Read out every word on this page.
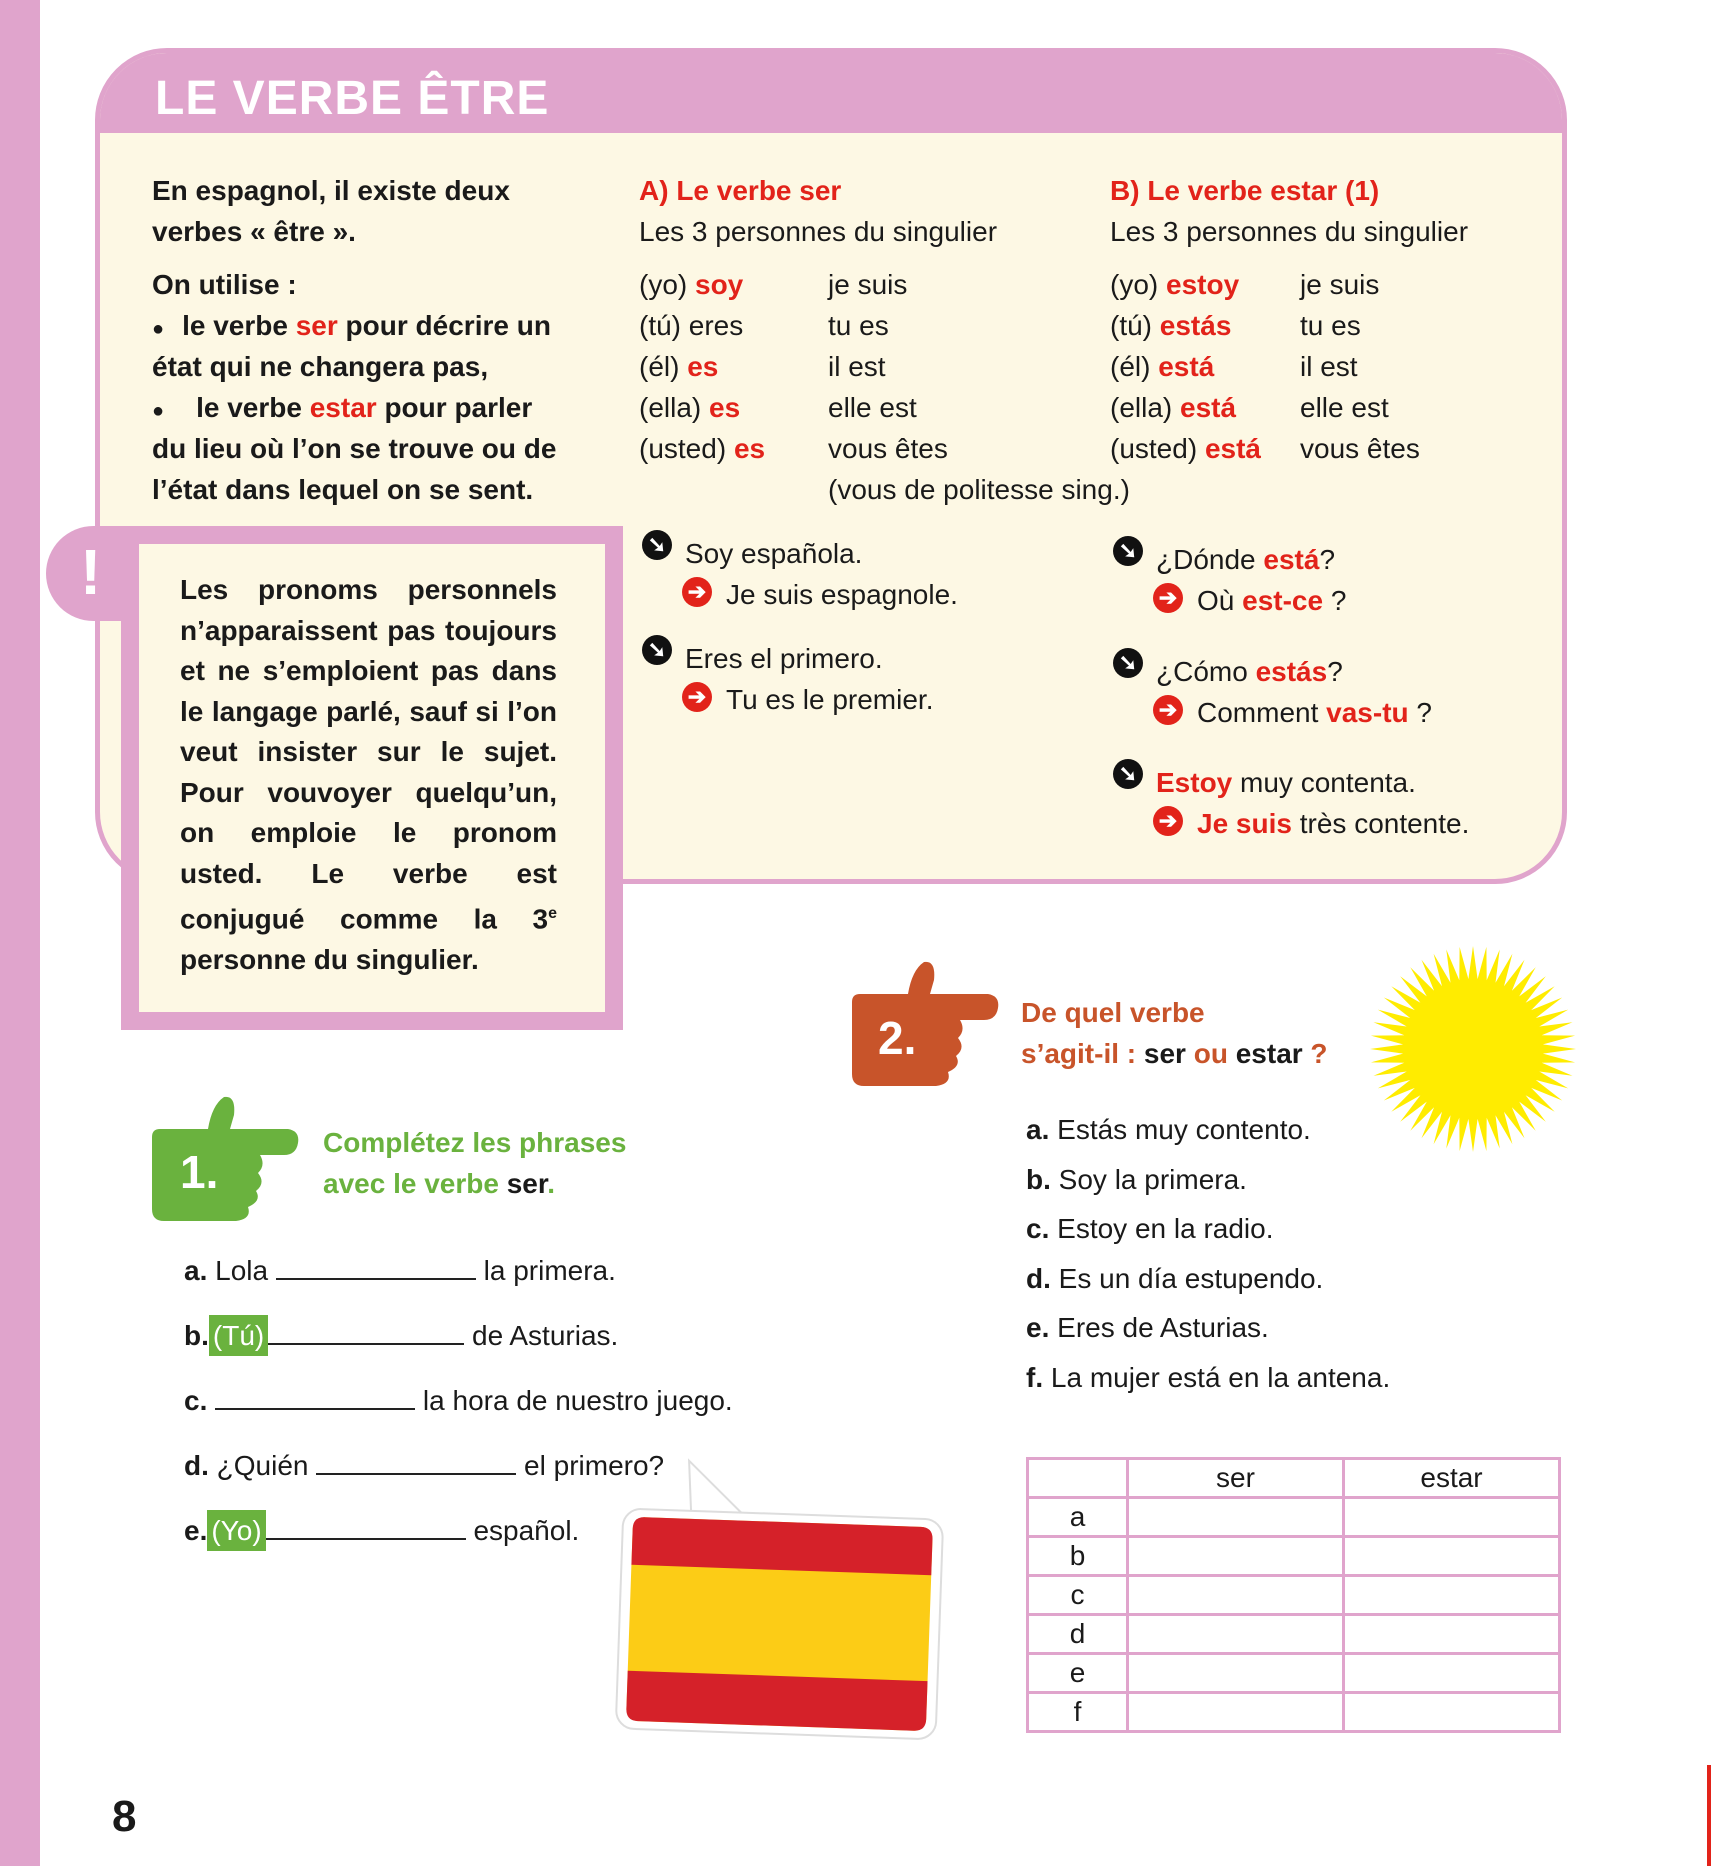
LE VERBE ÊTRE
En espagnol, il existe deux
verbes « être ».
On utilise :
● le verbe ser pour décrire un
état qui ne changera pas,
● le verbe estar pour parler
du lieu où l’on se trouve ou de
l’état dans lequel on se sent.
A) Le verbe ser
Les 3 personnes du singulier
(yo) soy	je suis
(tú) eres	tu es
(él) es	il est
(ella) es	elle est
(usted) es vous êtes
(vous de politesse sing.)
B) Le verbe estar (1)
Les 3 personnes du singulier
(yo) estoy je suis
(tú) estás tu es
(él) está	il est
(ella) está elle est
(usted) está vous êtes
➘ Soy española.
➔ Je suis espagnole.
➘ Eres el primero.
➔ Tu es le premier.
➘ ¿Dónde está?
➔ Où est-ce ?
➘ ¿Cómo estás?
➔ Comment vas-tu ?
➘ Estoy muy contenta.
➔ Je suis très contente.
!	Les pronoms personnels n’apparaissent pas toujours et ne s’emploient pas dans le langage parlé, sauf si l’on veut insister sur le sujet. Pour vouvoyer quelqu’un, on emploie le pronom usted. Le verbe est conjugué comme la 3e personne du singulier.
1.
Complétez les phrases
avec le verbe ser.
a. Lola	la primera.
b. (Tú)	de Asturias.
c.	la hora de nuestro juego.
d. ¿Quién	el primero?
e. (Yo)	español.
2.	De quel verbe
s’agit-il : ser ou estar ?
a. Estás muy contento.
b. Soy la primera.
c. Estoy en la radio.
d. Es un día estupendo.
e. Eres de Asturias.
f. La mujer está en la antena.
	ser	estar
a		
b		
c		
d		
e		
f		
8
